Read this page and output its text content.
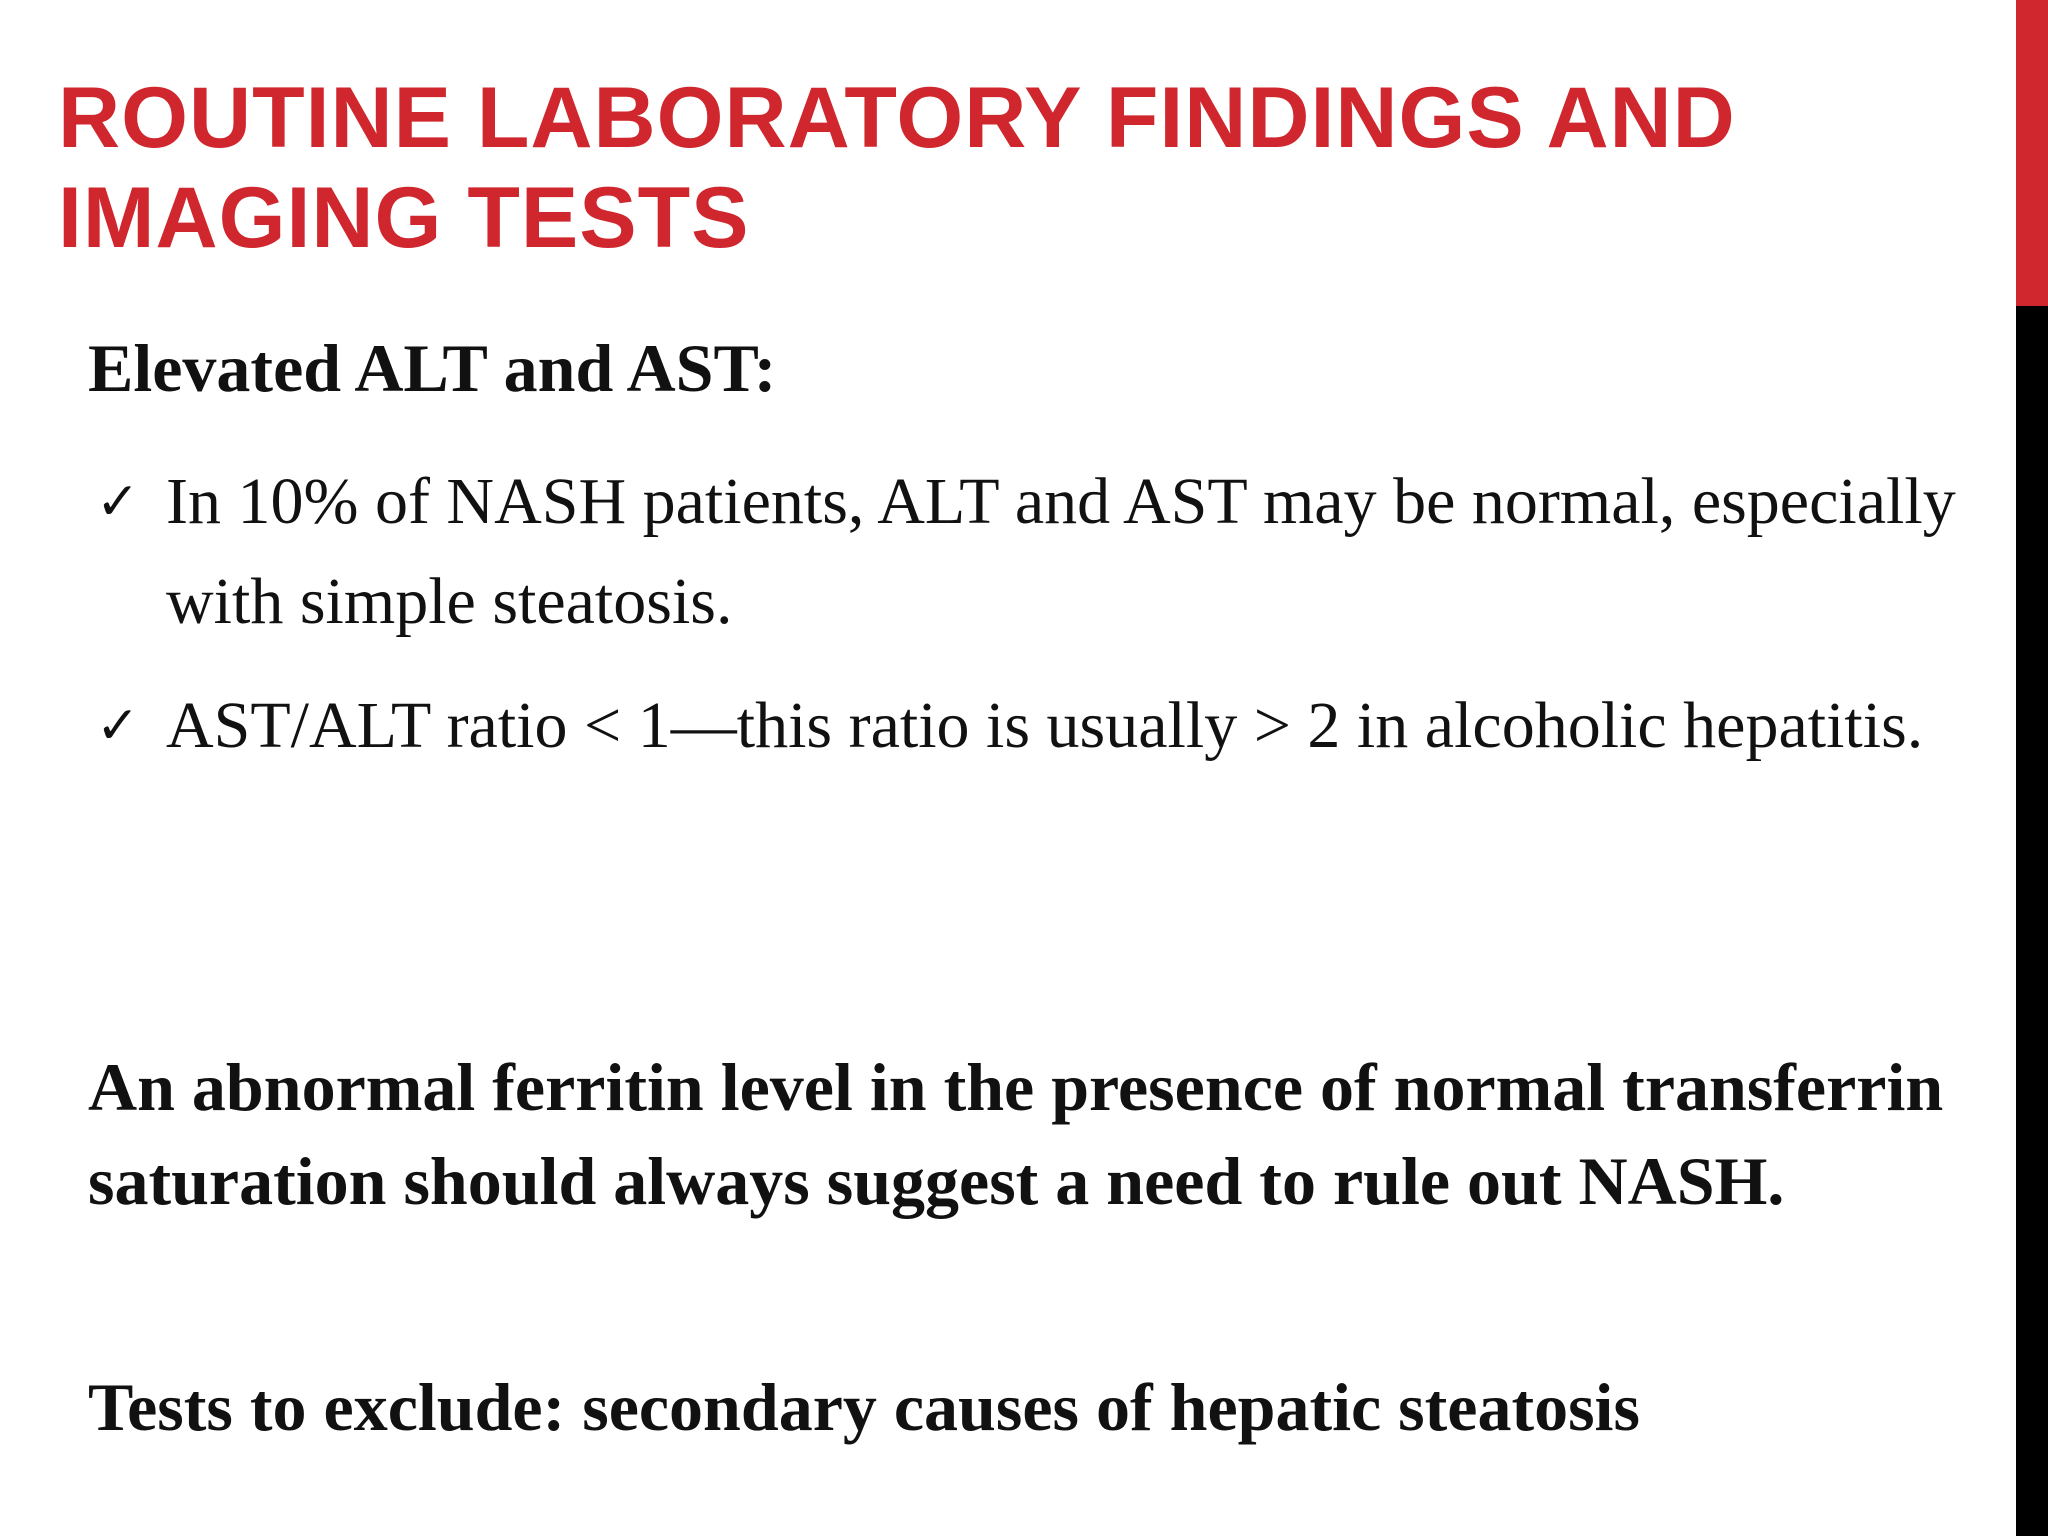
ROUTINE LABORATORY FINDINGS AND IMAGING TESTS

Elevated ALT and AST:

✓ In 10% of NASH patients, ALT and AST may be normal, especially with simple steatosis.
✓ AST/ALT ratio < 1—this ratio is usually > 2 in alcoholic hepatitis.

An abnormal ferritin level in the presence of normal transferrin saturation should always suggest a need to rule out NASH.

Tests to exclude: secondary causes of hepatic steatosis
